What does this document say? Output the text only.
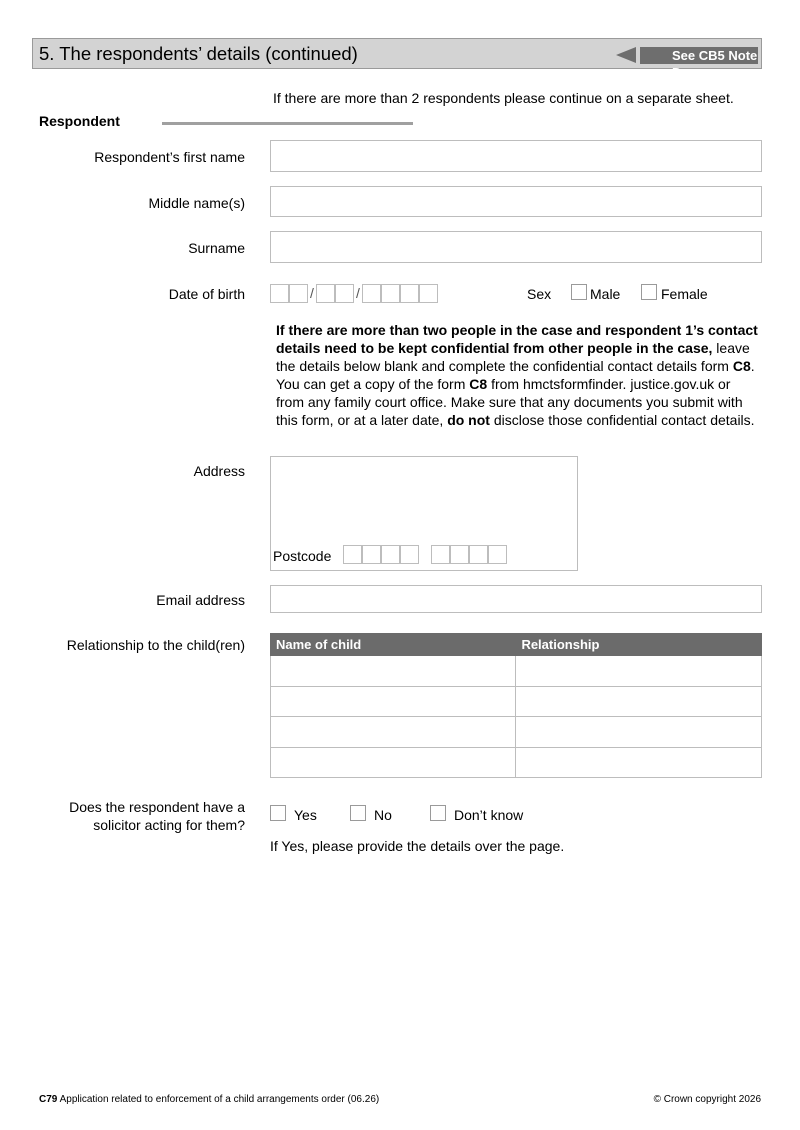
5. The respondents’ details (continued)	See CB5 Note D
If there are more than 2 respondents please continue on a separate sheet.
Respondent
Respondent’s first name
Middle name(s)
Surname
Date of birth	/	/	Sex	Male	Female
If there are more than two people in the case and respondent 1’s contact details need to be kept confidential from other people in the case, leave the details below blank and complete the confidential contact details form C8. You can get a copy of the form C8 from hmctsformfinder. justice.gov.uk or from any family court office. Make sure that any documents you submit with this form, or at a later date, do not disclose those confidential contact details.
Address
Postcode
Email address
Relationship to the child(ren) Name of child	Relationship

Does the respondent have a
solicitor acting for them?
Yes	No	Don’t know
If Yes, please provide the details over the page.
C79 Application related to enforcement of a child arrangements order (06.26)	© Crown copyright 2026
